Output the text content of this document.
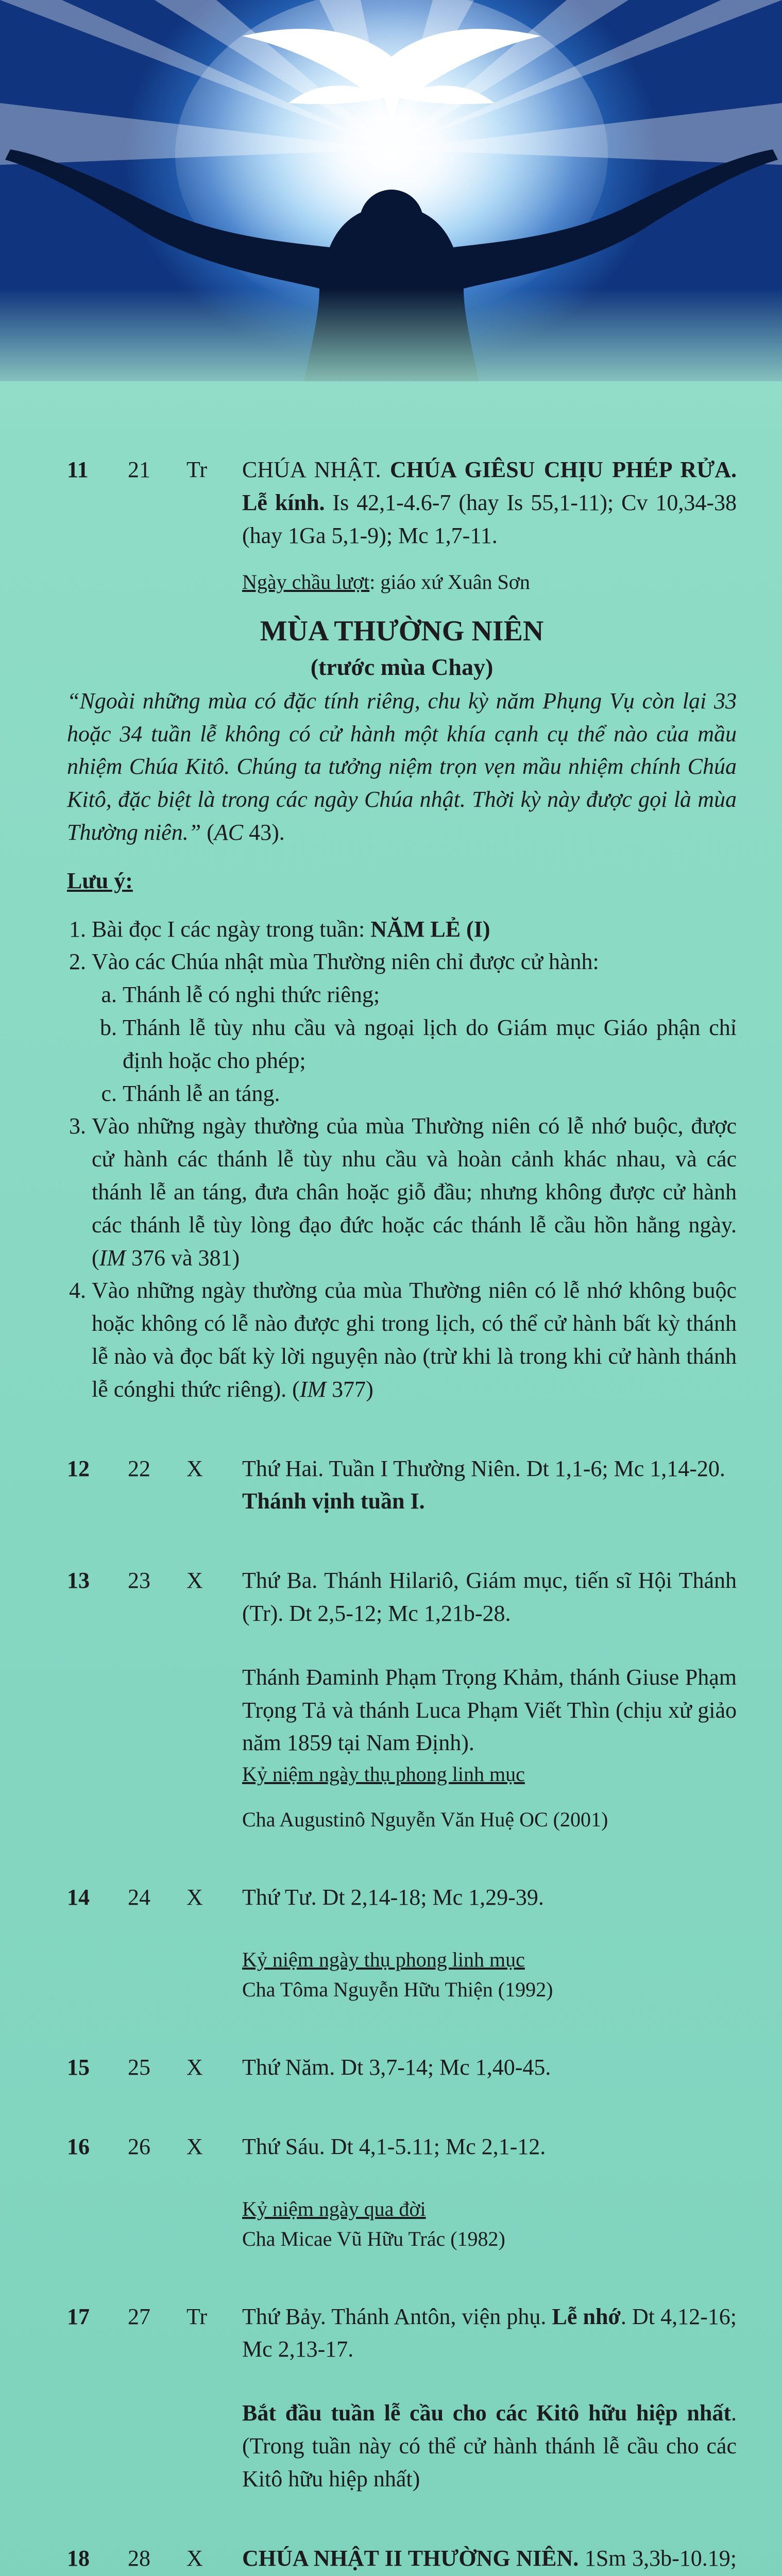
11	21	Tr	CHÚA NHẬT. CHÚA GIÊSU CHỊU PHÉP RỬA. Lễ kính. Is 42,1-4.6-7 (hay Is 55,1-11); Cv 10,34-38 (hay 1Ga 5,1-9); Mc 1,7-11.

Ngày chầu lượt: giáo xứ Xuân Sơn

MÙA THƯỜNG NIÊN

(trước mùa Chay)

“Ngoài những mùa có đặc tính riêng, chu kỳ năm Phụng Vụ còn lại 33 hoặc 34 tuần lễ không có cử hành một khía cạnh cụ thể nào của mầu nhiệm Chúa Kitô. Chúng ta tưởng niệm trọn vẹn mầu nhiệm chính Chúa Kitô, đặc biệt là trong các ngày Chúa nhật. Thời kỳ này được gọi là mùa Thường niên.” (AC 43).

Lưu ý:

1. Bài đọc I các ngày trong tuần: NĂM LẺ (I)
2. Vào các Chúa nhật mùa Thường niên chỉ được cử hành:
a. Thánh lễ có nghi thức riêng;
b. Thánh lễ tùy nhu cầu và ngoại lịch do Giám mục Giáo phận chỉ định hoặc cho phép;
c. Thánh lễ an táng.
3. Vào những ngày thường của mùa Thường niên có lễ nhớ buộc, được cử hành các thánh lễ tùy nhu cầu và hoàn cảnh khác nhau, và các thánh lễ an táng, đưa chân hoặc giỗ đầu; nhưng không được cử hành các thánh lễ tùy lòng đạo đức hoặc các thánh lễ cầu hồn hằng ngày. (IM 376 và 381)
4. Vào những ngày thường của mùa Thường niên có lễ nhớ không buộc hoặc không có lễ nào được ghi trong lịch, có thể cử hành bất kỳ thánh lễ nào và đọc bất kỳ lời nguyện nào (trừ khi là trong khi cử hành thánh lễ cónghi thức riêng). (IM 377)
12	22	X	Thứ Hai. Tuần I Thường Niên. Dt 1,1-6; Mc 1,14-20.

Thánh vịnh tuần I.

13	23	X	Thứ Ba. Thánh Hilariô, Giám mục, tiến sĩ Hội Thánh (Tr). Dt 2,5-12; Mc 1,21b-28.

Thánh Đaminh Phạm Trọng Khảm, thánh Giuse Phạm Trọng Tả và thánh Luca Phạm Viết Thìn (chịu xử giảo năm 1859 tại Nam Định).

Kỷ niệm ngày thụ phong linh mục

Cha Augustinô Nguyễn Văn Huệ OC (2001)

14	24	X	Thứ Tư. Dt 2,14-18; Mc 1,29-39.

Kỷ niệm ngày thụ phong linh mục

Cha Tôma Nguyễn Hữu Thiện (1992)

15	25	X	Thứ Năm. Dt 3,7-14; Mc 1,40-45.

16	26	X	Thứ Sáu. Dt 4,1-5.11; Mc 2,1-12.

Kỷ niệm ngày qua đời

Cha Micae Vũ Hữu Trác (1982)

17	27	Tr	Thứ Bảy. Thánh Antôn, viện phụ. Lễ nhớ. Dt 4,12-16; Mc 2,13-17.

Bắt đầu tuần lễ cầu cho các Kitô hữu hiệp nhất. (Trong tuần này có thể cử hành thánh lễ cầu cho các Kitô hữu hiệp nhất)

18	28	X	CHÚA NHẬT II THƯỜNG NIÊN. 1Sm 3,3b-10.19;
